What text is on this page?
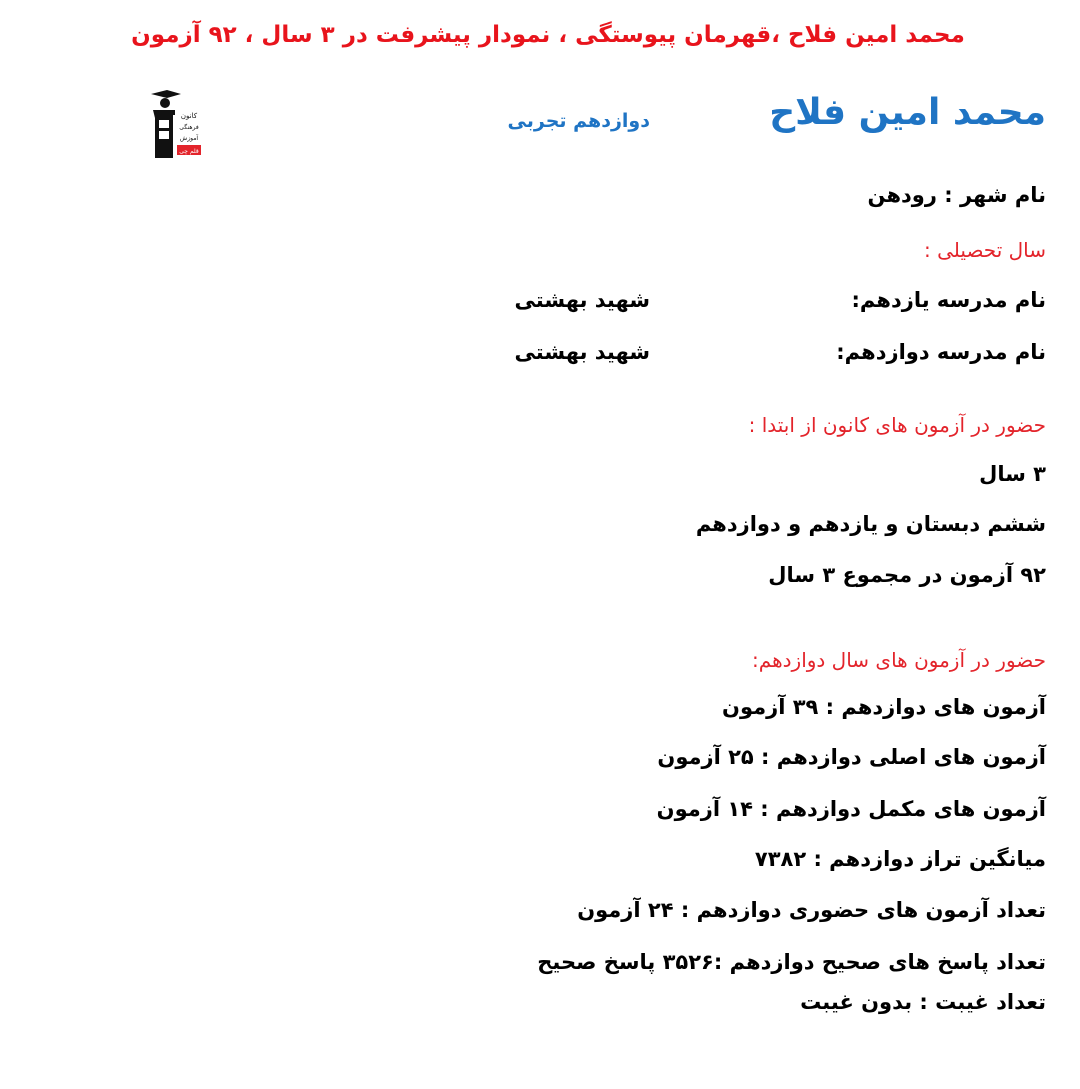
محمد امین فلاح ،قهرمان پیوستگی ، نمودار پیشرفت در ۳ سال ، ۹۲ آزمون
محمد امین فلاح
دوازدهم تجربی
کانون
فرهنگی
آموزش
قلم چی
نام شهر : رودهن
سال تحصیلی :
نام مدرسه یازدهم:
شهید بهشتی
نام مدرسه دوازدهم:
شهید بهشتی
حضور در آزمون های کانون از ابتدا :
۳ سال
ششم دبستان و یازدهم و دوازدهم
۹۲ آزمون در مجموع ۳ سال
حضور در آزمون های سال دوازدهم:
آزمون های دوازدهم : ۳۹ آزمون
آزمون های اصلی دوازدهم : ۲۵ آزمون
آزمون های مکمل دوازدهم : ۱۴ آزمون
میانگین تراز دوازدهم : ۷۳۸۲
تعداد آزمون های حضوری دوازدهم : ۲۴ آزمون
تعداد پاسخ های صحیح دوازدهم :۳۵۲۶ پاسخ صحیح
تعداد غیبت : بدون غیبت
